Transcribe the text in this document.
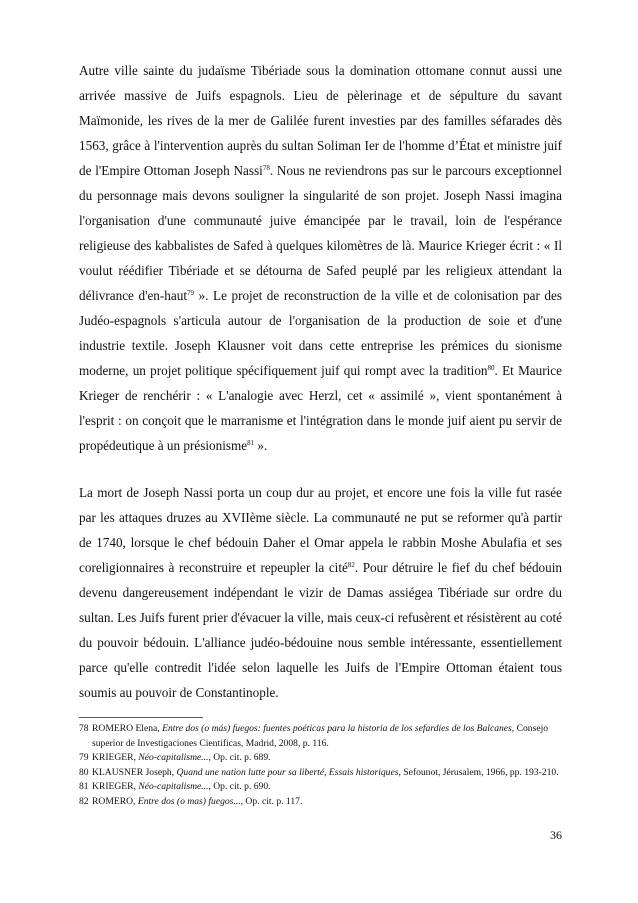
Autre ville sainte du judaïsme Tibériade sous la domination ottomane connut aussi une arrivée massive de Juifs espagnols. Lieu de pèlerinage et de sépulture du savant Maïmonide, les rives de la mer de Galilée furent investies par des familles séfarades dès 1563, grâce à l'intervention auprès du sultan Soliman Ier de l'homme d’État et ministre juif de l'Empire Ottoman Joseph Nassi$^{78}$. Nous ne reviendrons pas sur le parcours exceptionnel du personnage mais devons souligner la singularité de son projet. Joseph Nassi imagina l'organisation d'une communauté juive émancipée par le travail, loin de l'espérance religieuse des kabbalistes de Safed à quelques kilomètres de là. Maurice Krieger écrit : « Il voulut réédifier Tibériade et se détourna de Safed peuplé par les religieux attendant la délivrance d'en-haut$^{79}$ ». Le projet de reconstruction de la ville et de colonisation par des Judéo-espagnols s'articula autour de l'organisation de la production de soie et d'une industrie textile. Joseph Klausner voit dans cette entreprise les prémices du sionisme moderne, un projet politique spécifiquement juif qui rompt avec la tradition$^{80}$. Et Maurice Krieger de renchérir : « L'analogie avec Herzl, cet « assimilé », vient spontanément à l'esprit : on conçoit que le marranisme et l'intégration dans le monde juif aient pu servir de propédeutique à un présionisme$^{81}$ ».

La mort de Joseph Nassi porta un coup dur au projet, et encore une fois la ville fut rasée par les attaques druzes au XVIIème siècle. La communauté ne put se reformer qu'à partir de 1740, lorsque le chef bédouin Daher el Omar appela le rabbin Moshe Abulafia et ses coreligionnaires à reconstruire et repeupler la cité$^{82}$. Pour détruire le fief du chef bédouin devenu dangereusement indépendant le vizir de Damas assiégea Tibériade sur ordre du sultan. Les Juifs furent prier d'évacuer la ville, mais ceux-ci refusèrent et résistèrent au coté du pouvoir bédouin. L'alliance judéo-bédouine nous semble intéressante, essentiellement parce qu'elle contredit l'idée selon laquelle les Juifs de l'Empire Ottoman étaient tous soumis au pouvoir de Constantinople.

78 ROMERO Elena, Entre dos (o más) fuegos: fuentes poéticas para la historia de los sefardíes de los Balcanes, Consejo superior de Investigaciones Científicas, Madrid, 2008, p. 116.
79 KRIEGER, Néo-capitalisme..., Op. cit. p. 689.
80 KLAUSNER Joseph, Quand une nation lutte pour sa liberté, Essais historiques, Sefounot, Jérusalem, 1966, pp. 193-210.
81 KRIEGER, Néo-capitalisme..., Op. cit. p. 690.
82 ROMERO, Entre dos (o mas) fuegos..., Op. cit. p. 117.
36
